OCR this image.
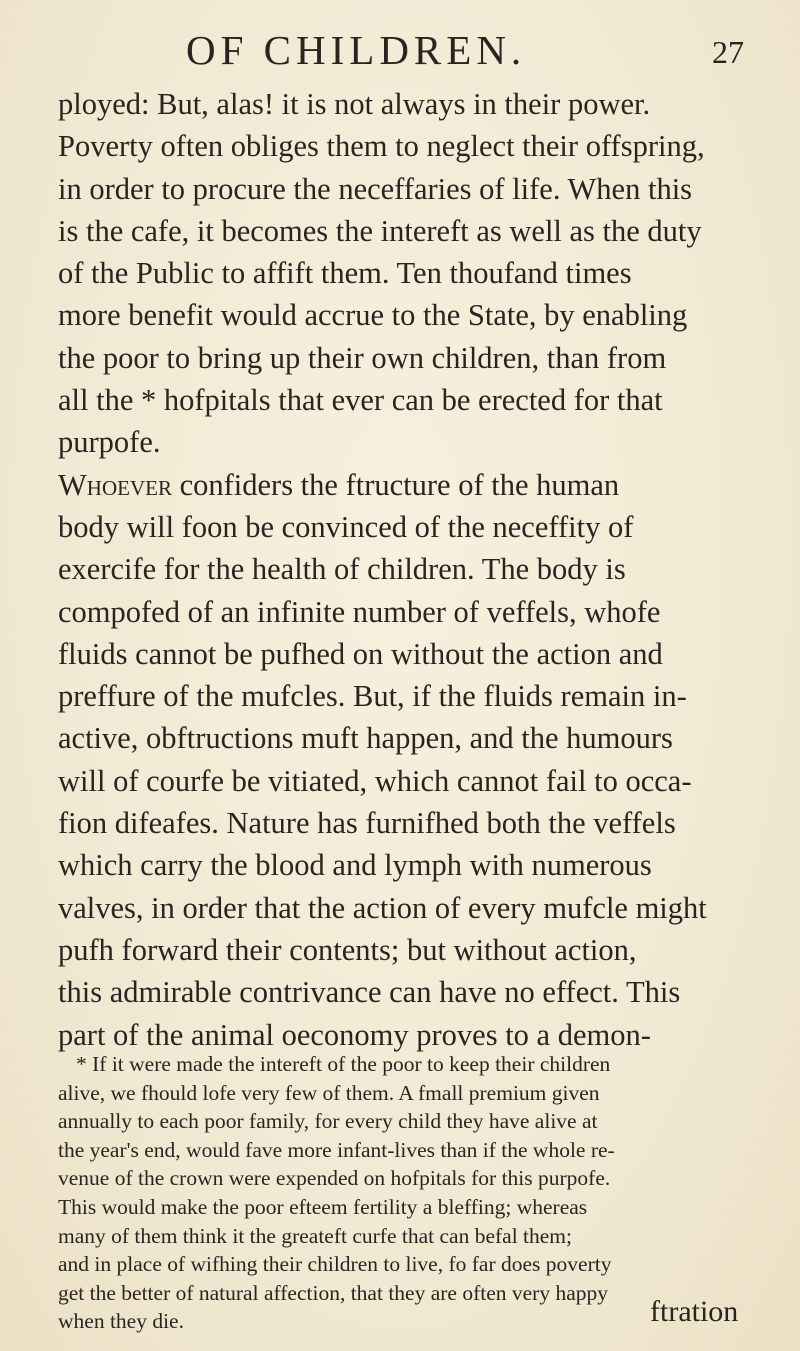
OF CHILDREN.	27
ployed: But, alas! it is not always in their power.
Poverty often obliges them to neglect their offspring,
in order to procure the neceffaries of life. When this
is the cafe, it becomes the intereft as well as the duty
of the Public to affift them. Ten thoufand times
more benefit would accrue to the State, by enabling
the poor to bring up their own children, than from
all the * hofpitals that ever can be erected for that
purpofe.
Whoever confiders the ftructure of the human
body will foon be convinced of the neceffity of
exercife for the health of children. The body is
compofed of an infinite number of veffels, whofe
fluids cannot be pufhed on without the action and
preffure of the mufcles. But, if the fluids remain in-
active, obftructions muft happen, and the humours
will of courfe be vitiated, which cannot fail to occa-
fion difeafes. Nature has furnifhed both the veffels
which carry the blood and lymph with numerous
valves, in order that the action of every mufcle might
pufh forward their contents; but without action,
this admirable contrivance can have no effect. This
part of the animal oeconomy proves to a demon-
* If it were made the intereft of the poor to keep their children
alive, we fhould lofe very few of them. A fmall premium given
annually to each poor family, for every child they have alive at
the year's end, would fave more infant-lives than if the whole re-
venue of the crown were expended on hofpitals for this purpofe.
This would make the poor efteem fertility a bleffing; whereas
many of them think it the greateft curfe that can befal them;
and in place of wifhing their children to live, fo far does poverty
get the better of natural affection, that they are often very happy
when they die.	ftration
